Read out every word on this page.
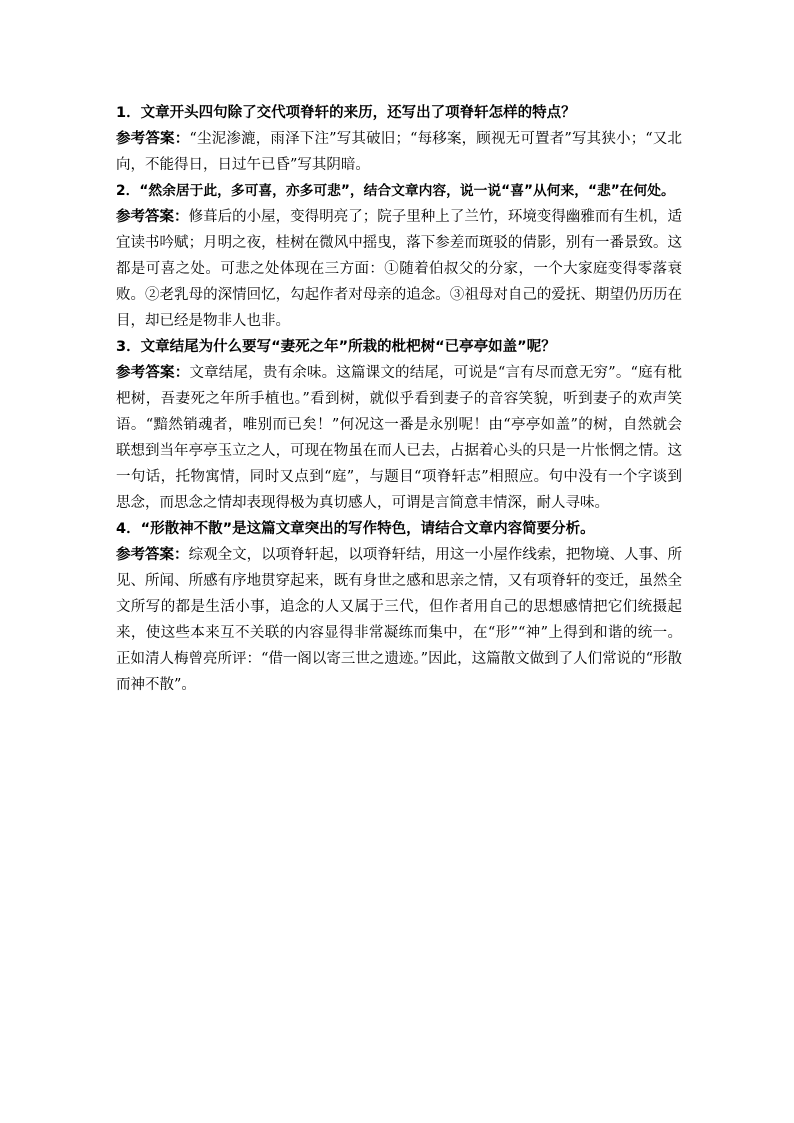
1．文章开头四句除了交代项脊轩的来历，还写出了项脊轩怎样的特点？

参考答案：“尘泥渗漉，雨泽下注”写其破旧；“每移案，顾视无可置者”写其狭小；“又北向，不能得日，日过午已昏”写其阴暗。

2．“然余居于此，多可喜，亦多可悲”，结合文章内容，说一说“喜”从何来，“悲”在何处。

参考答案：修葺后的小屋，变得明亮了；院子里种上了兰竹，环境变得幽雅而有生机，适宜读书吟赋；月明之夜，桂树在微风中摇曳，落下参差而斑驳的倩影，别有一番景致。这都是可喜之处。可悲之处体现在三方面：①随着伯叔父的分家，一个大家庭变得零落衰败。②老乳母的深情回忆，勾起作者对母亲的追念。③祖母对自己的爱抚、期望仍历历在目，却已经是物非人也非。

3．文章结尾为什么要写“妻死之年”所栽的枇杷树“已亭亭如盖”呢？

参考答案：文章结尾，贵有余味。这篇课文的结尾，可说是“言有尽而意无穷”。“庭有枇杷树，吾妻死之年所手植也。”看到树，就似乎看到妻子的音容笑貌，听到妻子的欢声笑语。“黯然销魂者，唯别而已矣！”何况这一番是永别呢！由“亭亭如盖”的树，自然就会联想到当年亭亭玉立之人，可现在物虽在而人已去，占据着心头的只是一片怅惘之情。这一句话，托物寓情，同时又点到“庭”，与题目“项脊轩志”相照应。句中没有一个字谈到思念，而思念之情却表现得极为真切感人，可谓是言简意丰情深，耐人寻味。

4．“形散神不散”是这篇文章突出的写作特色，请结合文章内容简要分析。

参考答案：综观全文，以项脊轩起，以项脊轩结，用这一小屋作线索，把物境、人事、所见、所闻、所感有序地贯穿起来，既有身世之感和思亲之情，又有项脊轩的变迁，虽然全文所写的都是生活小事，追念的人又属于三代，但作者用自己的思想感情把它们统摄起来，使这些本来互不关联的内容显得非常凝练而集中，在“形”“神”上得到和谐的统一。正如清人梅曾亮所评：“借一阁以寄三世之遗迹。”因此，这篇散文做到了人们常说的“形散而神不散”。
